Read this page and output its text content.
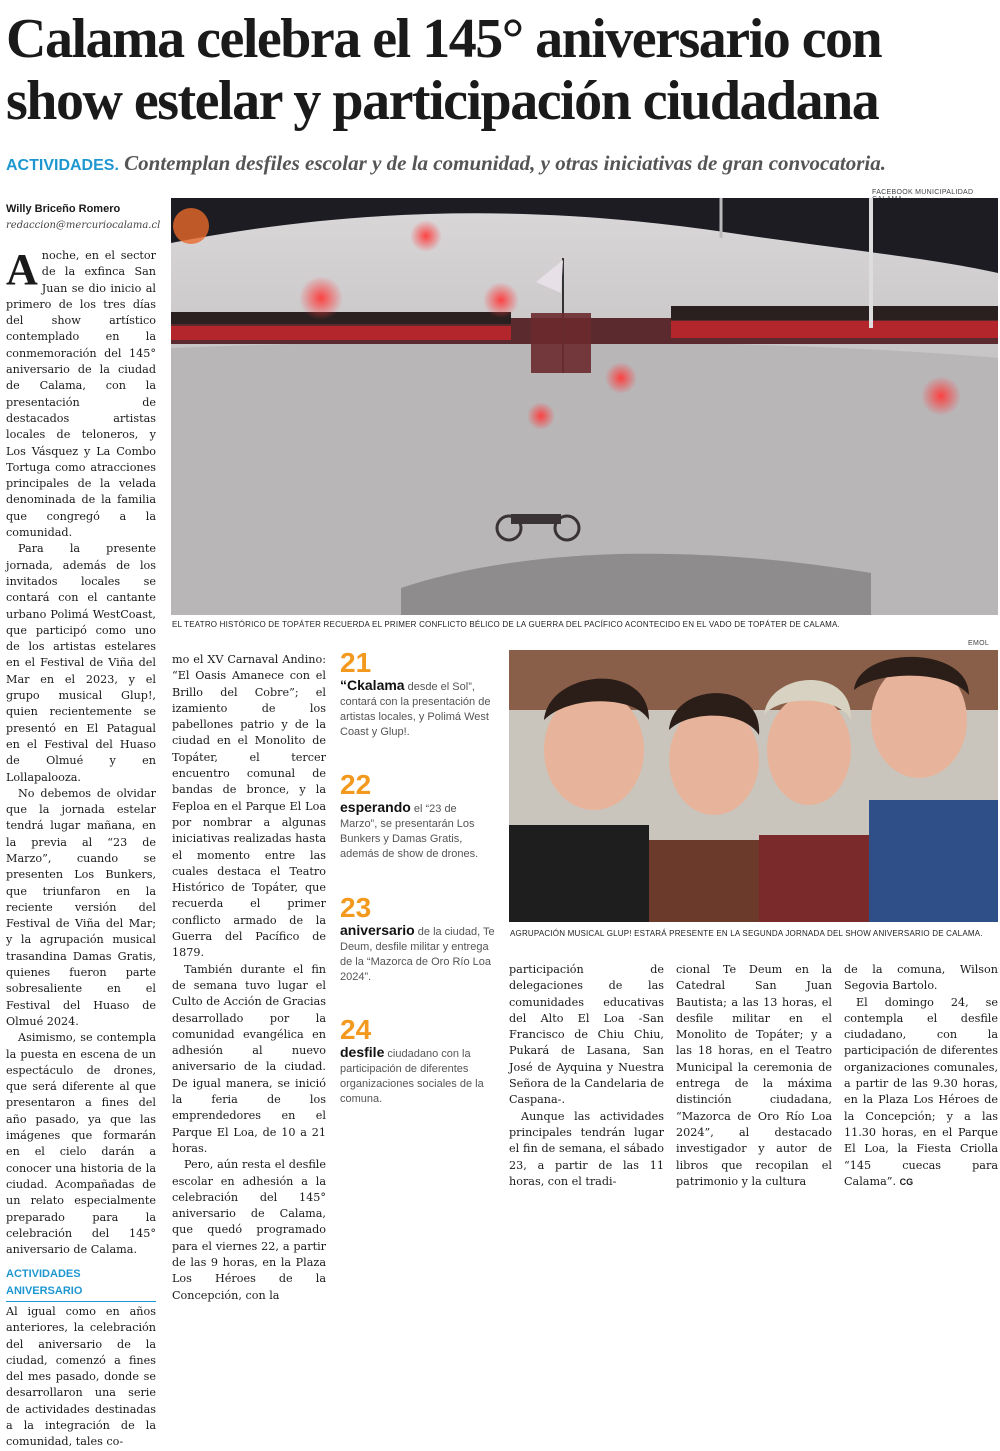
Calama celebra el 145° aniversario con show estelar y participación ciudadana
ACTIVIDADES. Contemplan desfiles escolar y de la comunidad, y otras iniciativas de gran convocatoria.
Willy Briceño Romero
redaccion@mercuriocalama.cl
FACEBOOK MUNICIPALIDAD
EL TEATRO HISTÓRICO DE TOPÁTER RECUERDA EL PRIMER CONFLICTO BÉLICO DE LA GUERRA DEL PACÍFICO ACONTECIDO EN EL VADO DE TOPÁTER DE CALAMA.
A noche, en el sector de la exfinca San Juan se dio inicio al primero de los tres días del show artístico contemplado en la conmemoración del 145° aniversario de la ciudad de Calama, con la presentación de destacados artistas locales de teloneros, y Los Vásquez y La Combo Tortuga como atracciones principales de la velada denominada de la familia que congregó a la comunidad.

Para la presente jornada, además de los invitados locales se contará con el cantante urbano Polimá WestCoast, que participó como uno de los artistas estelares en el Festival de Viña del Mar en el 2023, y el grupo musical Glup!, quien recientemente se presentó en El Patagual en el Festival del Huaso de Olmué y en Lollapalooza.

No debemos de olvidar que la jornada estelar tendrá lugar mañana, en la previa al “23 de Marzo”, cuando se presenten Los Bunkers, que triunfaron en la reciente versión del Festival de Viña del Mar; y la agrupación musical trasandina Damas Gratis, quienes fueron parte sobresaliente en el Festival del Huaso de Olmué 2024.

Asimismo, se contempla la puesta en escena de un espectáculo de drones, que será diferente al que presentaron a fines del año pasado, ya que las imágenes que formarán en el cielo darán a conocer una historia de la ciudad. Acompañadas de un relato especialmente preparado para la celebración del 145° aniversario de Calama.

ACTIVIDADES ANIVERSARIO

Al igual como en años anteriores, la celebración del aniversario de la ciudad, comenzó a fines del mes pasado, donde se desarrollaron una serie de actividades destinadas a la integración de la comunidad, tales co-

mo el XV Carnaval Andino: “El Oasis Amanece con el Brillo del Cobre”; el izamiento de los pabellones patrio y de la ciudad en el Monolito de Topáter, el tercer encuentro comunal de bandas de bronce, y la Feploa en el Parque El Loa por nombrar a algunas iniciativas realizadas hasta el momento entre las cuales destaca el Teatro Histórico de Topáter, que recuerda el primer conflicto armado de la Guerra del Pacífico de 1879.

También durante el fin de semana tuvo lugar el Culto de Acción de Gracias desarrollado por la comunidad evangélica en adhesión al nuevo aniversario de la ciudad. De igual manera, se inició la feria de los emprendedores en el Parque El Loa, de 10 a 21 horas.

Pero, aún resta el desfile escolar en adhesión a la celebración del 145° aniversario de Calama, que quedó programado para el viernes 22, a partir de las 9 horas, en la Plaza Los Héroes de la Concepción, con la

21
“Ckalama desde el Sol”, contará con la presentación de artistas locales, y Polimá West Coast y Glup!.
22
esperando el “23 de Marzo”, se presentarán Los Bunkers y Damas Gratis, además de show de drones.
23
aniversario de la ciudad, Te Deum, desfile militar y entrega de la “Mazorca de Oro Río Loa 2024”.
24
desfile ciudadano con la participación de diferentes organizaciones sociales de la comuna.
EMOL
AGRUPACIÓN MUSICAL GLUP! ESTARÁ PRESENTE EN LA SEGUNDA JORNADA DEL SHOW ANIVERSARIO DE CALAMA.

participación de delegaciones de las comunidades educativas del Alto El Loa -San Francisco de Chiu Chiu, Pukará de Lasana, San José de Ayquina y Nuestra Señora de la Candelaria de Caspana-.

Aunque las actividades principales tendrán lugar el fin de semana, el sábado 23, a partir de las 11 horas, con el tradi-

cional Te Deum en la Catedral San Juan Bautista; a las 13 horas, el desfile militar en el Monolito de Topáter; y a las 18 horas, en el Teatro Municipal la ceremonia de entrega de la máxima distinción ciudadana, “Mazorca de Oro Río Loa 2024”, al destacado investigador y autor de libros que recopilan el patrimonio y la cultura

de la comuna, Wilson Segovia Bartolo.

El domingo 24, se contempla el desfile ciudadano, con la participación de diferentes organizaciones comunales, a partir de las 9.30 horas, en la Plaza Los Héroes de la Concepción; y a las 11.30 horas, en el Parque El Loa, la Fiesta Criolla “145 cuecas para Calama”. CG
